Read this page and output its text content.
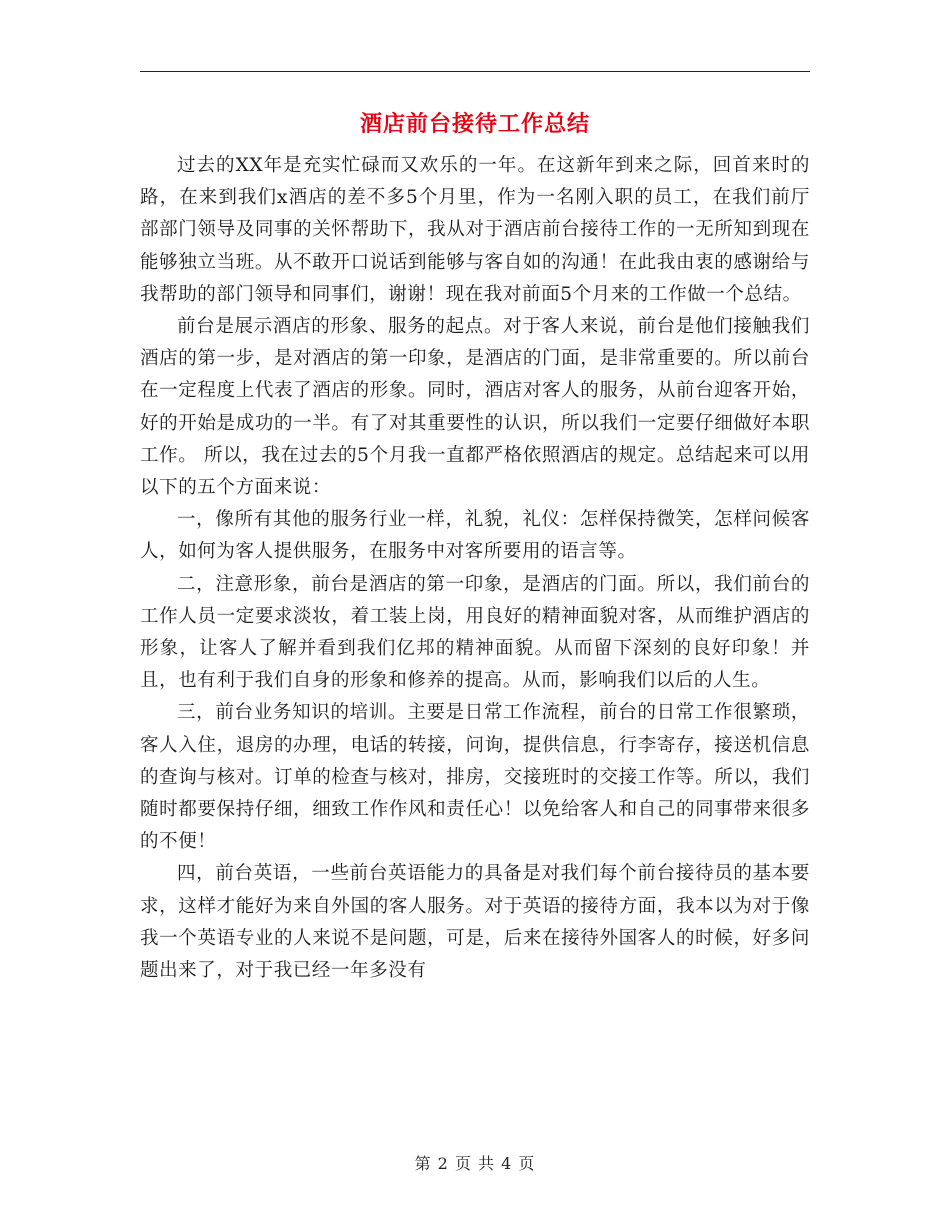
酒店前台接待工作总结

过去的XX年是充实忙碌而又欢乐的一年。在这新年到来之际，回首来时的路，在来到我们x酒店的差不多5个月里，作为一名刚入职的员工，在我们前厅部部门领导及同事的关怀帮助下，我从对于酒店前台接待工作的一无所知到现在能够独立当班。从不敢开口说话到能够与客自如的沟通！在此我由衷的感谢给与我帮助的部门领导和同事们，谢谢！现在我对前面5个月来的工作做一个总结。

前台是展示酒店的形象、服务的起点。对于客人来说，前台是他们接触我们酒店的第一步，是对酒店的第一印象，是酒店的门面，是非常重要的。所以前台在一定程度上代表了酒店的形象。同时，酒店对客人的服务，从前台迎客开始，好的开始是成功的一半。有了对其重要性的认识，所以我们一定要仔细做好本职工作。 所以，我在过去的5个月我一直都严格依照酒店的规定。总结起来可以用以下的五个方面来说：

一，像所有其他的服务行业一样，礼貌，礼仪：怎样保持微笑，怎样问候客人，如何为客人提供服务，在服务中对客所要用的语言等。

二，注意形象，前台是酒店的第一印象，是酒店的门面。所以，我们前台的工作人员一定要求淡妆，着工装上岗，用良好的精神面貌对客，从而维护酒店的形象，让客人了解并看到我们亿邦的精神面貌。从而留下深刻的良好印象！并且，也有利于我们自身的形象和修养的提高。从而，影响我们以后的人生。

三，前台业务知识的培训。主要是日常工作流程，前台的日常工作很繁琐，客人入住，退房的办理，电话的转接，问询，提供信息，行李寄存，接送机信息的查询与核对。订单的检查与核对，排房，交接班时的交接工作等。所以，我们随时都要保持仔细，细致工作作风和责任心！以免给客人和自己的同事带来很多的不便！

四，前台英语，一些前台英语能力的具备是对我们每个前台接待员的基本要求，这样才能好为来自外国的客人服务。对于英语的接待方面，我本以为对于像我一个英语专业的人来说不是问题，可是，后来在接待外国客人的时候，好多问题出来了，对于我已经一年多没有

第 2 页 共 4 页
